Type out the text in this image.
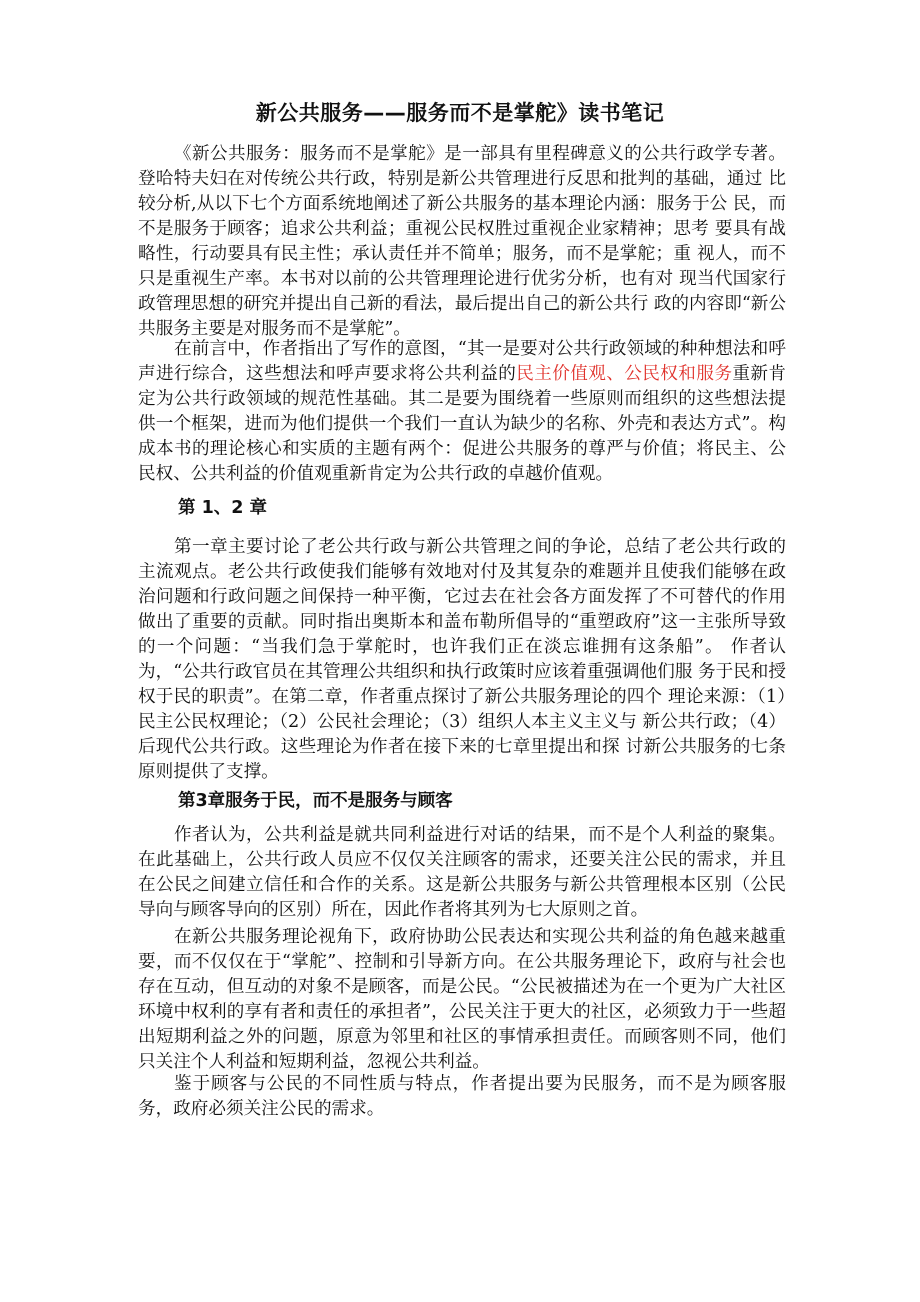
新公共服务——服务而不是掌舵》读书笔记

《新公共服务：服务而不是掌舵》是一部具有里程碑意义的公共行政学专著。 登哈特夫妇在对传统公共行政，特别是新公共管理进行反思和批判的基础，通过 比较分析,从以下七个方面系统地阐述了新公共服务的基本理论内涵：服务于公 民，而不是服务于顾客；追求公共利益；重视公民权胜过重视企业家精神；思考 要具有战略性，行动要具有民主性；承认责任并不简单；服务，而不是掌舵；重 视人，而不只是重视生产率。本书对以前的公共管理理论进行优劣分析，也有对 现当代国家行政管理思想的研究并提出自己新的看法，最后提出自己的新公共行 政的内容即“新公共服务主要是对服务而不是掌舵”。

在前言中，作者指出了写作的意图，“其一是要对公共行政领域的种种想法和呼声进行综合，这些想法和呼声要求将公共利益的民主价值观、公民权和服务重新肯定为公共行政领域的规范性基础。其二是要为围绕着一些原则而组织的这些想法提供一个框架，进而为他们提供一个我们一直认为缺少的名称、外壳和表达方式”。构成本书的理论核心和实质的主题有两个：促进公共服务的尊严与价值；将民主、公民权、公共利益的价值观重新肯定为公共行政的卓越价值观。

第 1、2 章

第一章主要讨论了老公共行政与新公共管理之间的争论，总结了老公共行政的主流观点。老公共行政使我们能够有效地对付及其复杂的难题并且使我们能够在政治问题和行政问题之间保持一种平衡，它过去在社会各方面发挥了不可替代的作用做出了重要的贡献。同时指出奥斯本和盖布勒所倡导的“重塑政府”这一主张所导致的一个问题：“当我们急于掌舵时，也许我们正在淡忘谁拥有这条船”。 作者认为，“公共行政官员在其管理公共组织和执行政策时应该着重强调他们服 务于民和授权于民的职责”。在第二章，作者重点探讨了新公共服务理论的四个 理论来源：（1）民主公民权理论；（2）公民社会理论；（3）组织人本主义主义与 新公共行政；（4）后现代公共行政。这些理论为作者在接下来的七章里提出和探 讨新公共服务的七条原则提供了支撑。

第3章服务于民，而不是服务与顾客

作者认为，公共利益是就共同利益进行对话的结果，而不是个人利益的聚集。在此基础上，公共行政人员应不仅仅关注顾客的需求，还要关注公民的需求，并且在公民之间建立信任和合作的关系。这是新公共服务与新公共管理根本区别（公民导向与顾客导向的区别）所在，因此作者将其列为七大原则之首。

在新公共服务理论视角下，政府协助公民表达和实现公共利益的角色越来越重要，而不仅仅在于“掌舵”、控制和引导新方向。在公共服务理论下，政府与社会也存在互动，但互动的对象不是顾客，而是公民。“公民被描述为在一个更为广大社区环境中权利的享有者和责任的承担者”，公民关注于更大的社区，必须致力于一些超出短期利益之外的问题，原意为邻里和社区的事情承担责任。而顾客则不同，他们只关注个人利益和短期利益，忽视公共利益。

鉴于顾客与公民的不同性质与特点，作者提出要为民服务，而不是为顾客服务，政府必须关注公民的需求。
